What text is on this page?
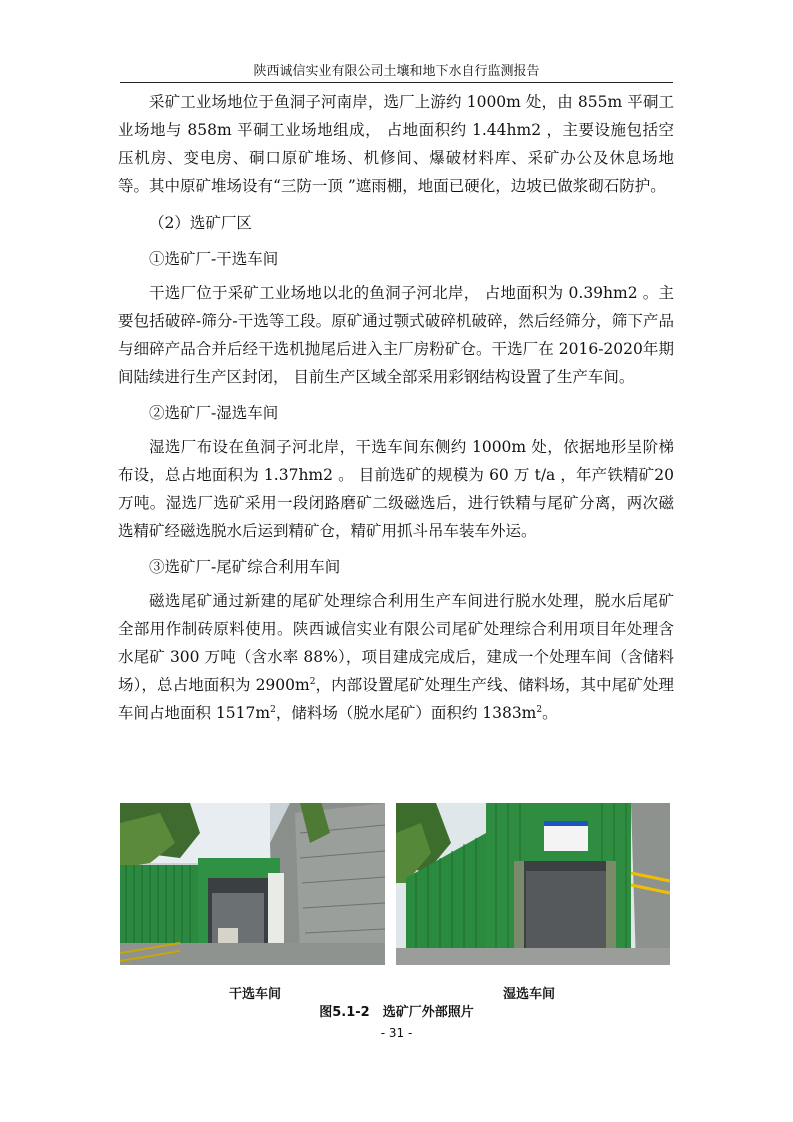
陕西诚信实业有限公司土壤和地下水自行监测报告

采矿工业场地位于鱼洞子河南岸，选厂上游约 1000m 处，由 855m 平硐工业场地与 858m 平硐工业场地组成， 占地面积约 1.44hm2 ，主要设施包括空压机房、变电房、硐口原矿堆场、机修间、爆破材料库、采矿办公及休息场地等。其中原矿堆场设有“三防一顶 ”遮雨棚，地面已硬化，边坡已做浆砌石防护。

（2）选矿厂区

①选矿厂-干选车间

干选厂位于采矿工业场地以北的鱼洞子河北岸， 占地面积为 0.39hm2 。主要包括破碎-筛分-干选等工段。原矿通过颚式破碎机破碎，然后经筛分，筛下产品与细碎产品合并后经干选机抛尾后进入主厂房粉矿仓。干选厂在 2016-2020年期间陆续进行生产区封闭， 目前生产区域全部采用彩钢结构设置了生产车间。

②选矿厂-湿选车间

湿选厂布设在鱼洞子河北岸，干选车间东侧约 1000m 处，依据地形呈阶梯布设，总占地面积为 1.37hm2 。 目前选矿的规模为 60 万 t/a ，年产铁精矿20万吨。湿选厂选矿采用一段闭路磨矿二级磁选后，进行铁精与尾矿分离，两次磁选精矿经磁选脱水后运到精矿仓，精矿用抓斗吊车装车外运。

③选矿厂-尾矿综合利用车间

磁选尾矿通过新建的尾矿处理综合利用生产车间进行脱水处理，脱水后尾矿全部用作制砖原料使用。陕西诚信实业有限公司尾矿处理综合利用项目年处理含水尾矿 300 万吨（含水率 88%），项目建成完成后，建成一个处理车间（含储料场），总占地面积为 $2900m^2$，内部设置尾矿处理生产线、储料场，其中尾矿处理车间占地面积 $1517m^2$，储料场（脱水尾矿）面积约 $1383m^2$。

干选车间	湿选车间
图5.1-2　选矿厂外部照片
- 31 -
